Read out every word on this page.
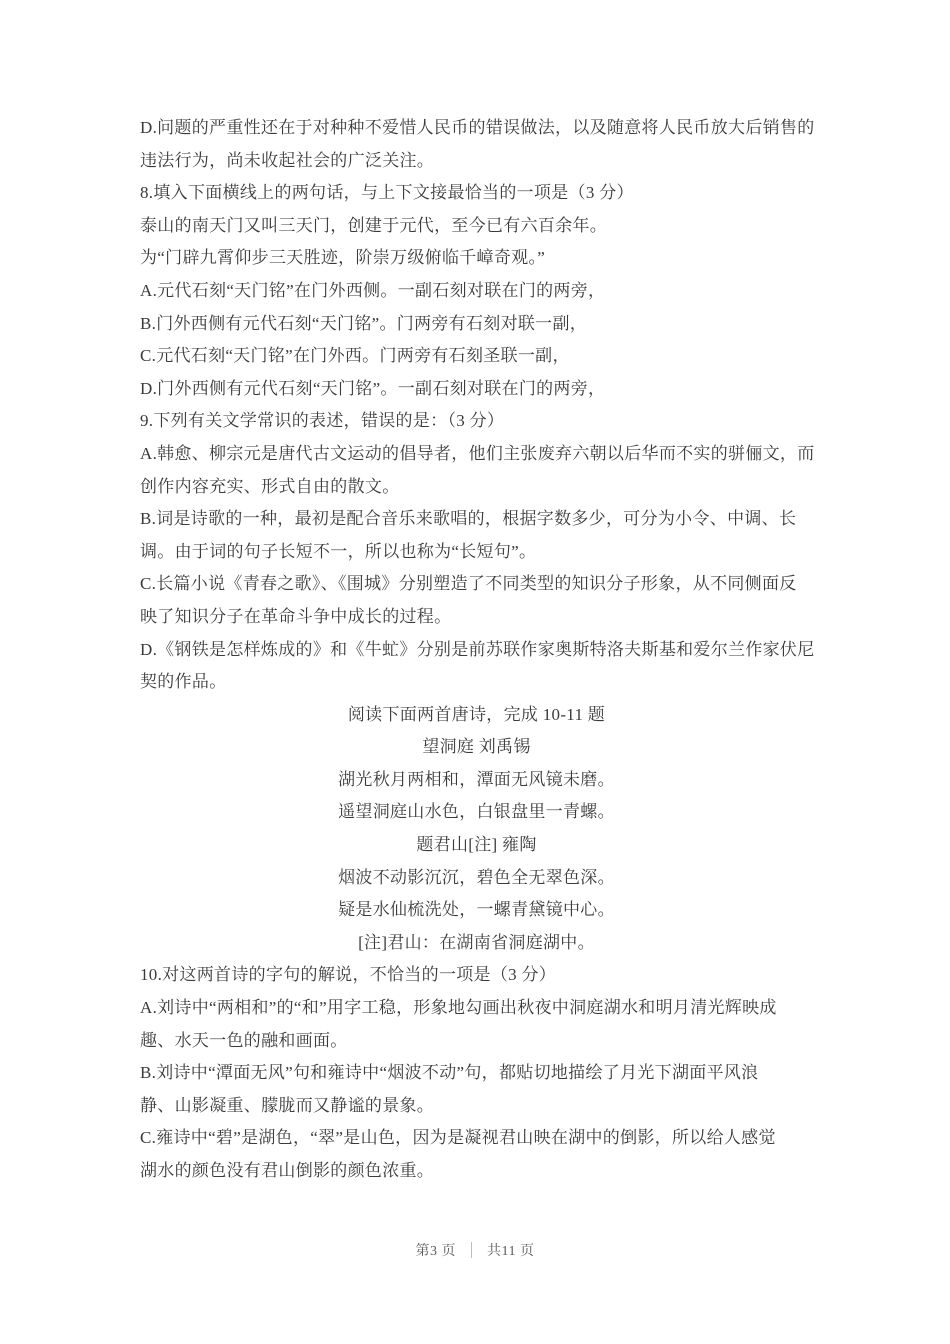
D.问题的严重性还在于对种种不爱惜人民币的错误做法，以及随意将人民币放大后销售的
违法行为，尚未收起社会的广泛关注。
8.填入下面横线上的两句话，与上下文接最恰当的一项是（3 分）
泰山的南天门又叫三天门，创建于元代，至今已有六百余年。
为“门辟九霄仰步三天胜迹，阶崇万级俯临千嶂奇观。”
A.元代石刻“天门铭”在门外西侧。一副石刻对联在门的两旁，
B.门外西侧有元代石刻“天门铭”。门两旁有石刻对联一副，
C.元代石刻“天门铭”在门外西。门两旁有石刻圣联一副，
D.门外西侧有元代石刻“天门铭”。一副石刻对联在门的两旁，
9.下列有关文学常识的表述，错误的是：（3 分）
A.韩愈、柳宗元是唐代古文运动的倡导者，他们主张废弃六朝以后华而不实的骈俪文，而
创作内容充实、形式自由的散文。
B.词是诗歌的一种，最初是配合音乐来歌唱的，根据字数多少，可分为小令、中调、长
调。由于词的句子长短不一，所以也称为“长短句”。
C.长篇小说《青春之歌》、《围城》分别塑造了不同类型的知识分子形象，从不同侧面反
映了知识分子在革命斗争中成长的过程。
D.《钢铁是怎样炼成的》和《牛虻》分别是前苏联作家奥斯特洛夫斯基和爱尔兰作家伏尼
契的作品。
阅读下面两首唐诗，完成 10-11 题
望洞庭 刘禹锡
湖光秋月两相和，潭面无风镜未磨。
遥望洞庭山水色，白银盘里一青螺。
题君山[注] 雍陶
烟波不动影沉沉，碧色全无翠色深。
疑是水仙梳洗处，一螺青黛镜中心。
[注]君山：在湖南省洞庭湖中。
10.对这两首诗的字句的解说，不恰当的一项是（3 分）
A.刘诗中“两相和”的“和”用字工稳，形象地勾画出秋夜中洞庭湖水和明月清光辉映成
趣、水天一色的融和画面。
B.刘诗中“潭面无风”句和雍诗中“烟波不动”句，都贴切地描绘了月光下湖面平风浪
静、山影凝重、朦胧而又静谧的景象。
C.雍诗中“碧”是湖色，“翠”是山色，因为是凝视君山映在湖中的倒影，所以给人感觉
湖水的颜色没有君山倒影的颜色浓重。
第3 页 共11 页
